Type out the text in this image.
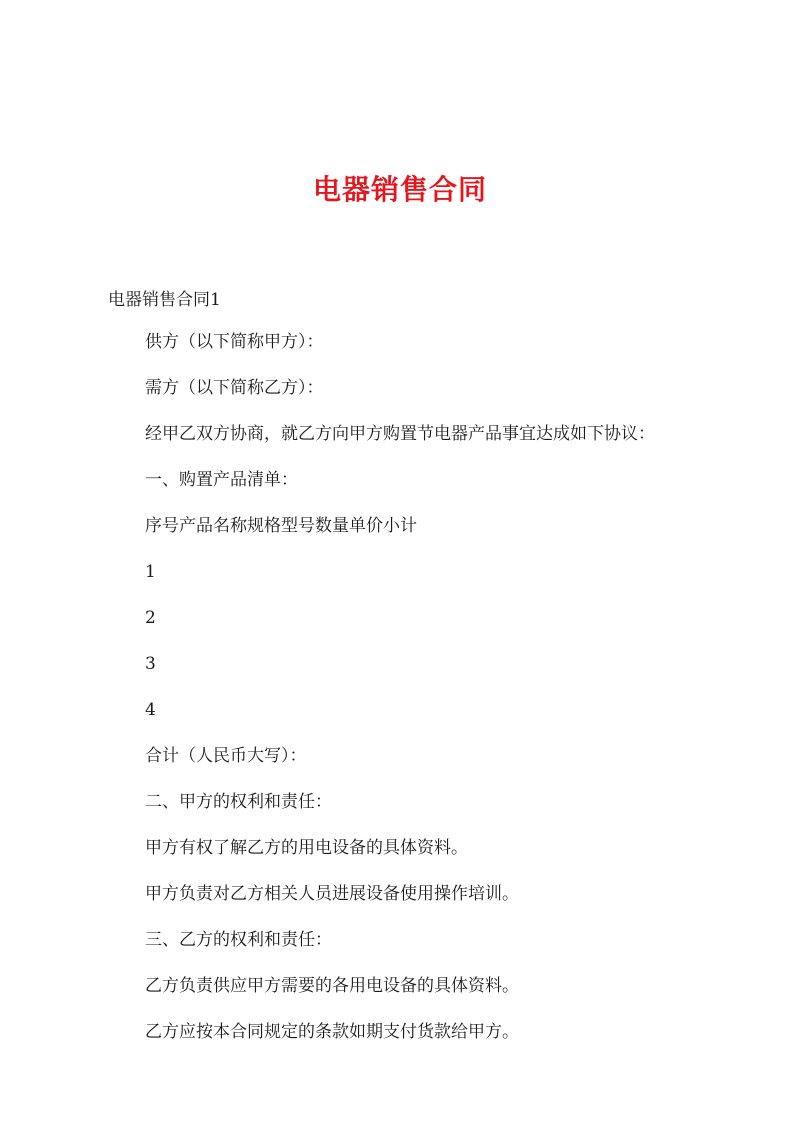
电器销售合同
电器销售合同1
供方（以下简称甲方）：
需方（以下简称乙方）：
经甲乙双方协商，就乙方向甲方购置节电器产品事宜达成如下协议：
一、购置产品清单：
序号产品名称规格型号数量单价小计
1
2
3
4
合计（人民币大写）：
二、甲方的权利和责任：
甲方有权了解乙方的用电设备的具体资料。
甲方负责对乙方相关人员进展设备使用操作培训。
三、乙方的权利和责任：
乙方负责供应甲方需要的各用电设备的具体资料。
乙方应按本合同规定的条款如期支付货款给甲方。
